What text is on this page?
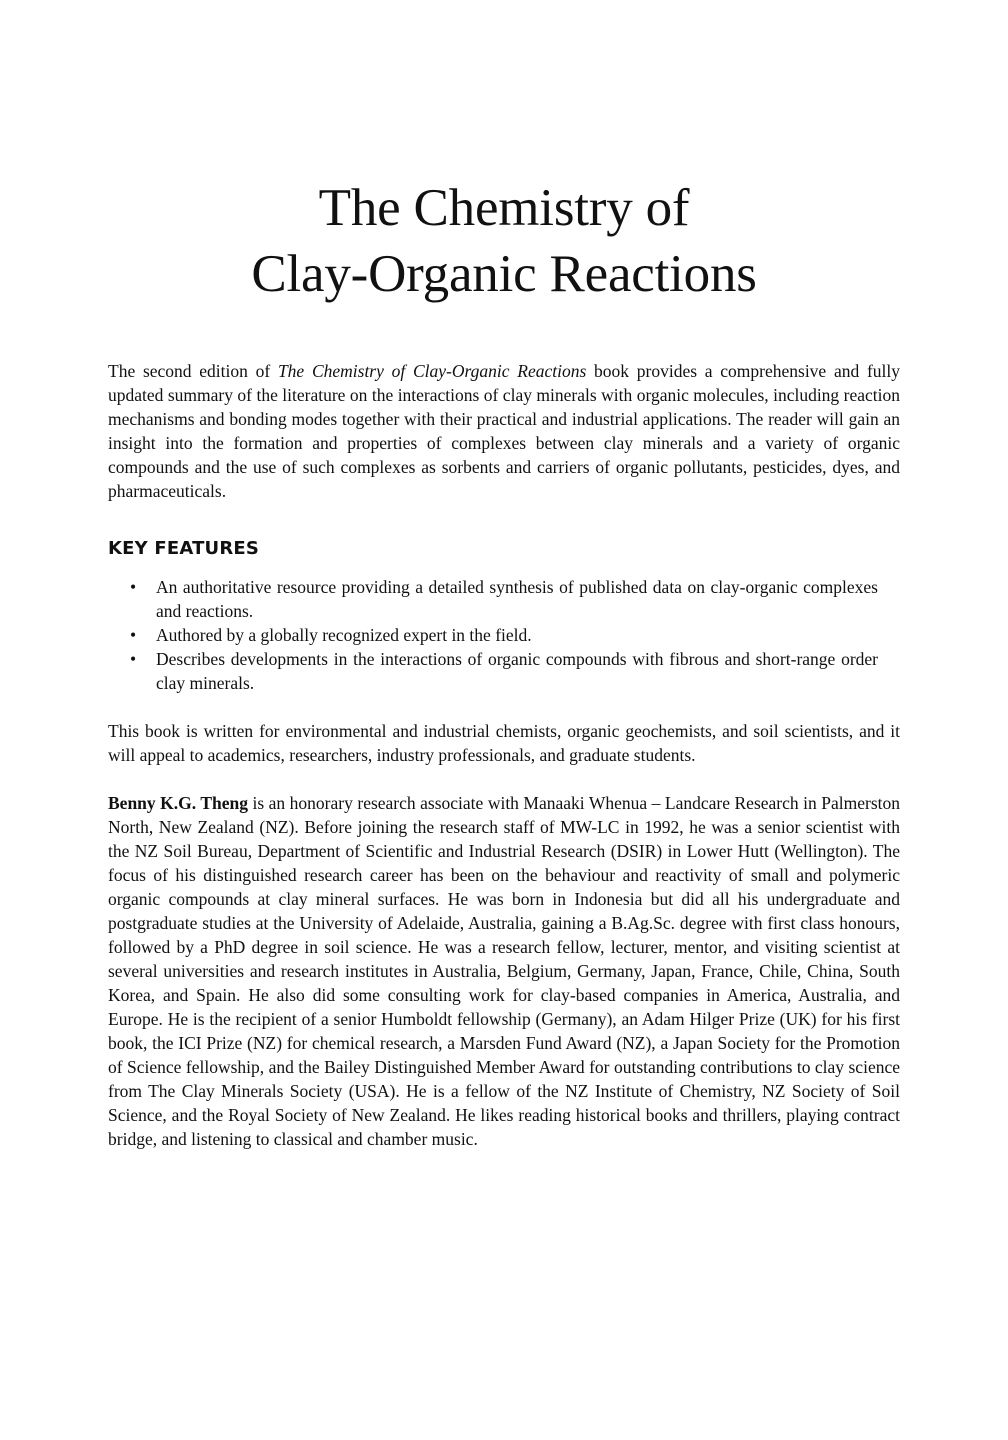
The Chemistry of
Clay-Organic Reactions

The second edition of The Chemistry of Clay-Organic Reactions book provides a comprehensive and fully updated summary of the literature on the interactions of clay minerals with organic molecules, including reaction mechanisms and bonding modes together with their practical and industrial applications. The reader will gain an insight into the formation and properties of complexes between clay minerals and a variety of organic compounds and the use of such complexes as sorbents and carriers of organic pollutants, pesticides, dyes, and pharmaceuticals.

KEY FEATURES
• An authoritative resource providing a detailed synthesis of published data on clay-organic complexes and reactions.
• Authored by a globally recognized expert in the field.
• Describes developments in the interactions of organic compounds with fibrous and short-range order clay minerals.

This book is written for environmental and industrial chemists, organic geochemists, and soil scientists, and it will appeal to academics, researchers, industry professionals, and graduate students.

Benny K.G. Theng is an honorary research associate with Manaaki Whenua – Landcare Research in Palmerston North, New Zealand (NZ). Before joining the research staff of MW-LC in 1992, he was a senior scientist with the NZ Soil Bureau, Department of Scientific and Industrial Research (DSIR) in Lower Hutt (Wellington). The focus of his distinguished research career has been on the behaviour and reactivity of small and polymeric organic compounds at clay mineral surfaces. He was born in Indonesia but did all his undergraduate and postgraduate studies at the University of Adelaide, Australia, gaining a B.Ag.Sc. degree with first class honours, followed by a PhD degree in soil science. He was a research fellow, lecturer, mentor, and visiting scientist at several universities and research institutes in Australia, Belgium, Germany, Japan, France, Chile, China, South Korea, and Spain. He also did some consulting work for clay-based companies in America, Australia, and Europe. He is the recipient of a senior Humboldt fellowship (Germany), an Adam Hilger Prize (UK) for his first book, the ICI Prize (NZ) for chemical research, a Marsden Fund Award (NZ), a Japan Society for the Promotion of Science fellowship, and the Bailey Distinguished Member Award for outstanding contributions to clay science from The Clay Minerals Society (USA). He is a fellow of the NZ Institute of Chemistry, NZ Society of Soil Science, and the Royal Society of New Zealand. He likes reading historical books and thrillers, playing contract bridge, and listening to classical and chamber music.
